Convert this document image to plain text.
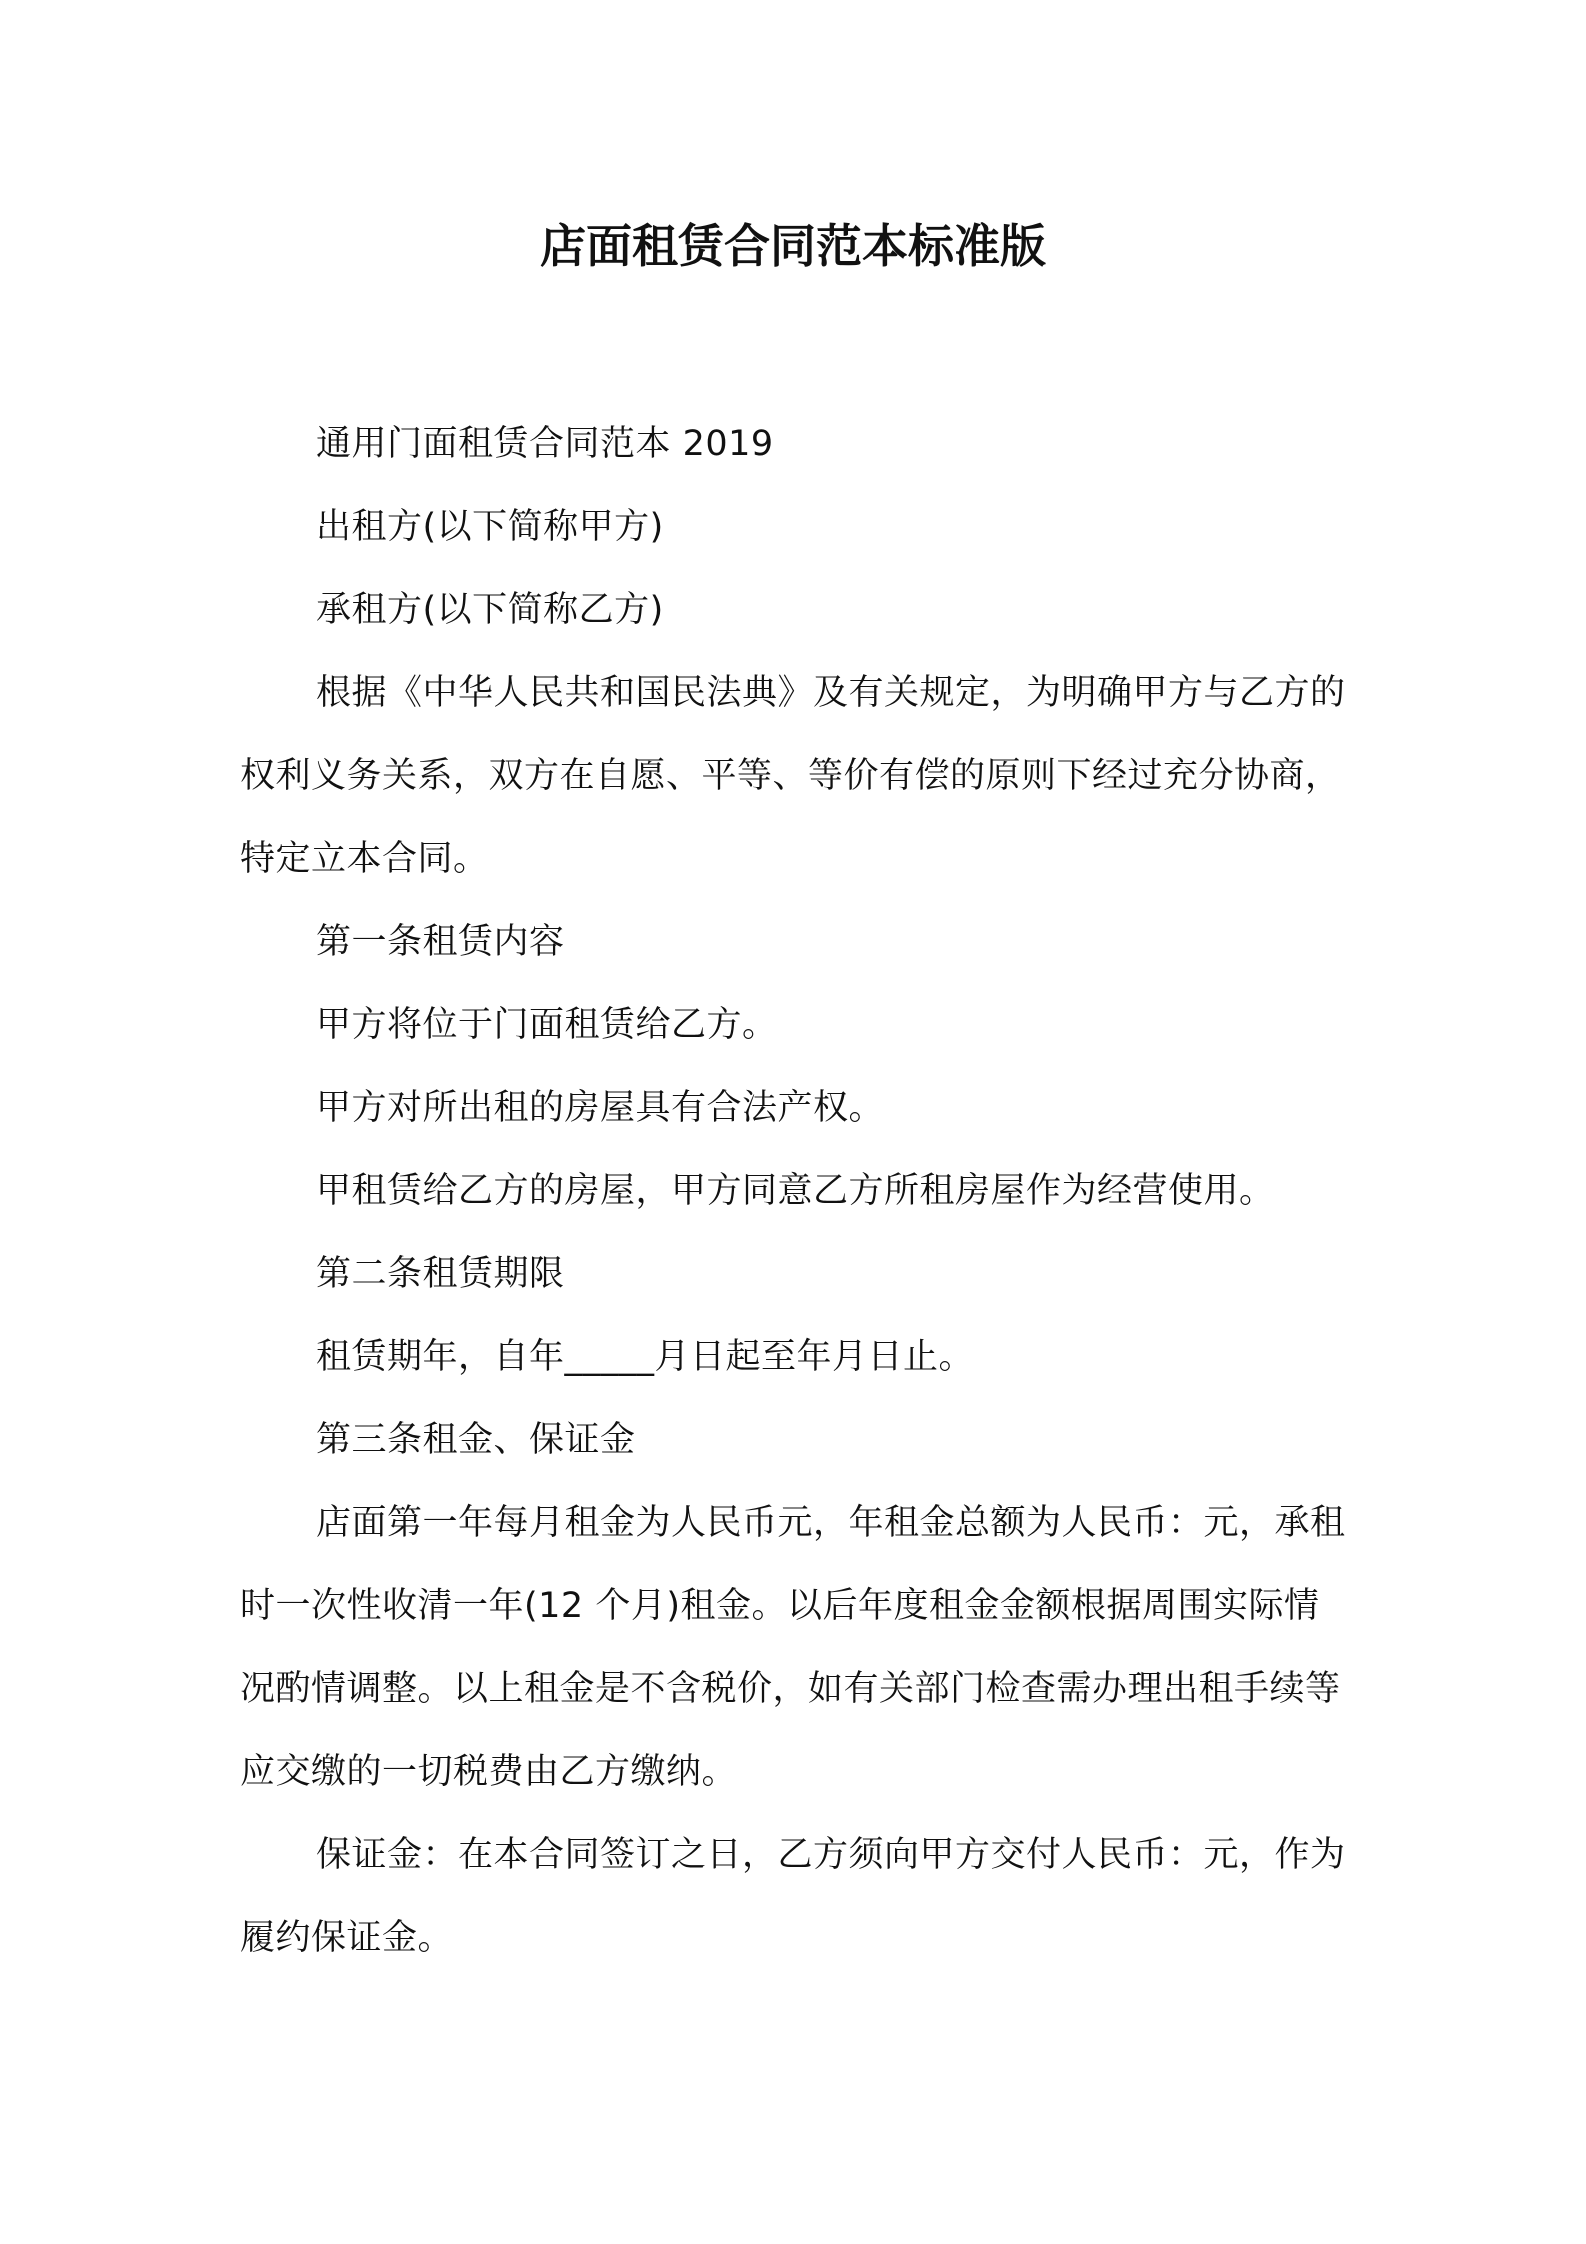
店面租赁合同范本标准版

通用门面租赁合同范本 2019

出租方(以下简称甲方)

承租方(以下简称乙方)

根据《中华人民共和国民法典》及有关规定，为明确甲方与乙方的权利义务关系，双方在自愿、平等、等价有偿的原则下经过充分协商，特定立本合同。

第一条租赁内容

甲方将位于门面租赁给乙方。

甲方对所出租的房屋具有合法产权。

甲租赁给乙方的房屋，甲方同意乙方所租房屋作为经营使用。

第二条租赁期限

租赁期年，自年_____月日起至年月日止。

第三条租金、保证金

店面第一年每月租金为人民币元，年租金总额为人民币：元，承租时一次性收清一年(12 个月)租金。以后年度租金金额根据周围实际情况酌情调整。以上租金是不含税价，如有关部门检查需办理出租手续等应交缴的一切税费由乙方缴纳。

保证金：在本合同签订之日，乙方须向甲方交付人民币：元，作为履约保证金。
